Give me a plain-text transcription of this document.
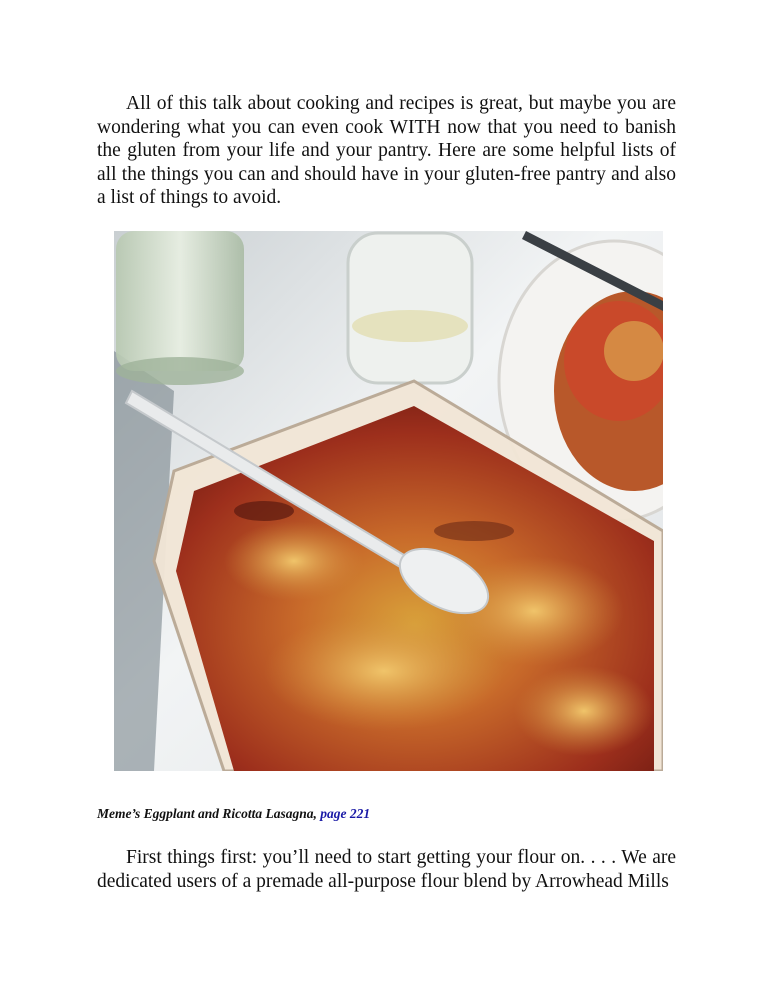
All of this talk about cooking and recipes is great, but maybe you are wondering what you can even cook WITH now that you need to banish the gluten from your life and your pantry. Here are some helpful lists of all the things you can and should have in your gluten-free pantry and also a list of things to avoid.

Meme’s Eggplant and Ricotta Lasagna, page 221

First things first: you’ll need to start getting your flour on. . . . We are dedicated users of a premade all-purpose flour blend by Arrowhead Mills
